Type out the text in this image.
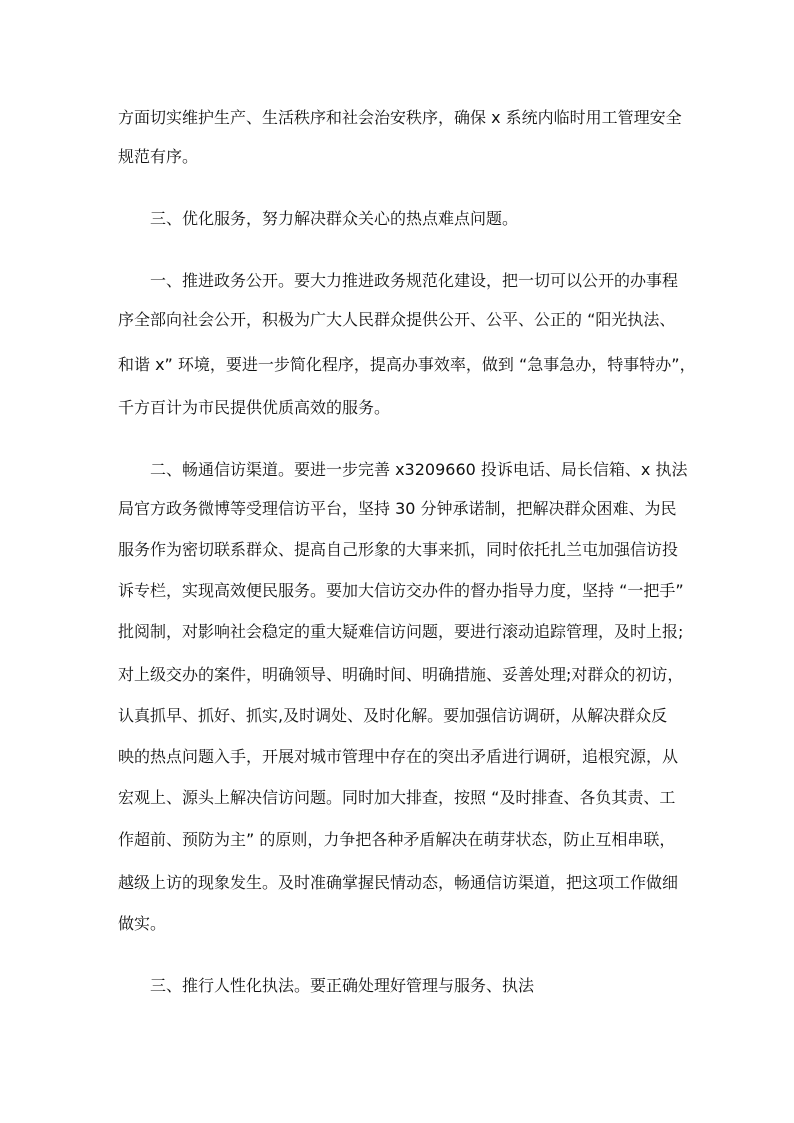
方面切实维护生产、生活秩序和社会治安秩序，确保 x 系统内临时用工管理安全

规范有序。

三、优化服务，努力解决群众关心的热点难点问题。

一、推进政务公开。要大力推进政务规范化建设，把一切可以公开的办事程

序全部向社会公开，积极为广大人民群众提供公开、公平、公正的 “阳光执法、

和谐 x” 环境，要进一步简化程序，提高办事效率，做到 “急事急办，特事特办”，

千方百计为市民提供优质高效的服务。

二、畅通信访渠道。要进一步完善 x3209660 投诉电话、局长信箱、x 执法

局官方政务微博等受理信访平台，坚持 30 分钟承诺制，把解决群众困难、为民

服务作为密切联系群众、提高自己形象的大事来抓，同时依托扎兰屯加强信访投

诉专栏，实现高效便民服务。要加大信访交办件的督办指导力度，坚持 “一把手”

批阅制，对影响社会稳定的重大疑难信访问题，要进行滚动追踪管理，及时上报;

对上级交办的案件，明确领导、明确时间、明确措施、妥善处理;对群众的初访，

认真抓早、抓好、抓实,及时调处、及时化解。要加强信访调研，从解决群众反

映的热点问题入手，开展对城市管理中存在的突出矛盾进行调研，追根究源，从

宏观上、源头上解决信访问题。同时加大排查，按照 “及时排查、各负其责、工

作超前、预防为主” 的原则，力争把各种矛盾解决在萌芽状态，防止互相串联，

越级上访的现象发生。及时准确掌握民情动态，畅通信访渠道，把这项工作做细

做实。

三、推行人性化执法。要正确处理好管理与服务、执法
